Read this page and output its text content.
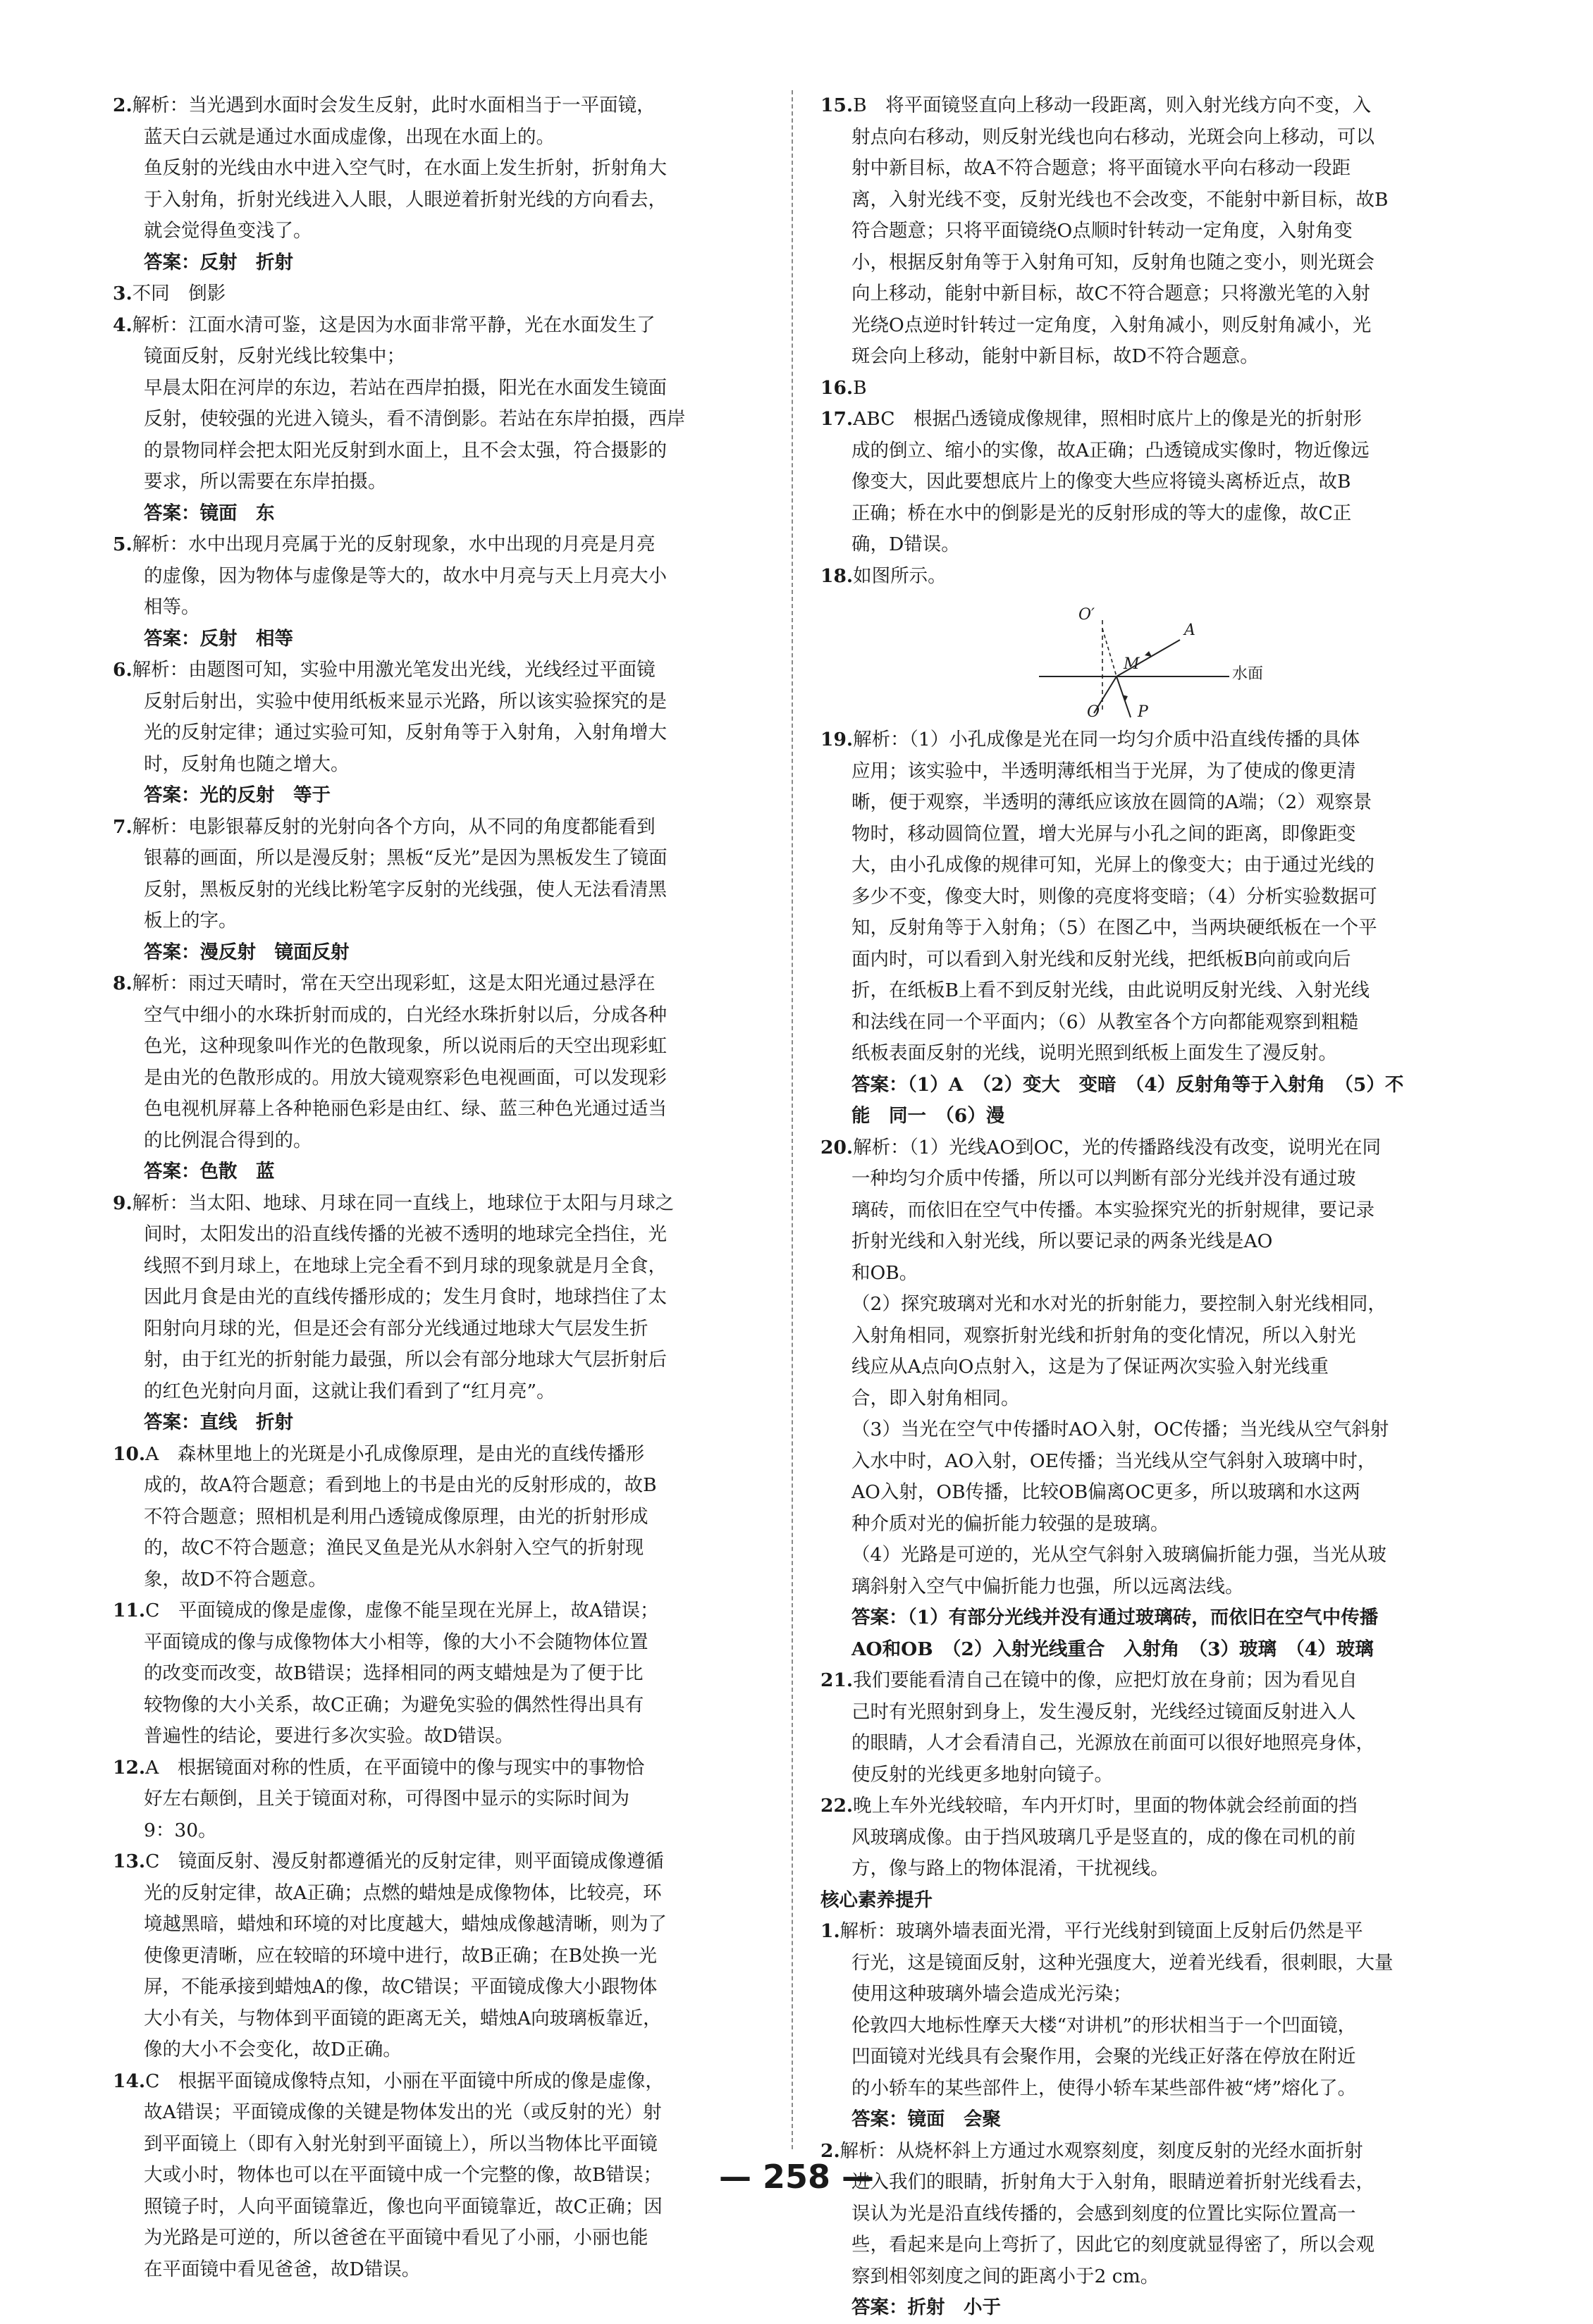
2.解析：当光遇到水面时会发生反射，此时水面相当于一平面镜，

蓝天白云就是通过水面成虚像，出现在水面上的。

鱼反射的光线由水中进入空气时，在水面上发生折射，折射角大

于入射角，折射光线进入人眼，人眼逆着折射光线的方向看去，

就会觉得鱼变浅了。

答案：反射　折射

3.不同　倒影

4.解析：江面水清可鉴，这是因为水面非常平静，光在水面发生了

镜面反射，反射光线比较集中；

早晨太阳在河岸的东边，若站在西岸拍摄，阳光在水面发生镜面

反射，使较强的光进入镜头，看不清倒影。若站在东岸拍摄，西岸

的景物同样会把太阳光反射到水面上，且不会太强，符合摄影的

要求，所以需要在东岸拍摄。

答案：镜面　东

5.解析：水中出现月亮属于光的反射现象，水中出现的月亮是月亮

的虚像，因为物体与虚像是等大的，故水中月亮与天上月亮大小

相等。

答案：反射　相等

6.解析：由题图可知，实验中用激光笔发出光线，光线经过平面镜

反射后射出，实验中使用纸板来显示光路，所以该实验探究的是

光的反射定律；通过实验可知，反射角等于入射角，入射角增大

时，反射角也随之增大。

答案：光的反射　等于

7.解析：电影银幕反射的光射向各个方向，从不同的角度都能看到

银幕的画面，所以是漫反射；黑板“反光”是因为黑板发生了镜面

反射，黑板反射的光线比粉笔字反射的光线强，使人无法看清黑

板上的字。

答案：漫反射　镜面反射

8.解析：雨过天晴时，常在天空出现彩虹，这是太阳光通过悬浮在

空气中细小的水珠折射而成的，白光经水珠折射以后，分成各种

色光，这种现象叫作光的色散现象，所以说雨后的天空出现彩虹

是由光的色散形成的。用放大镜观察彩色电视画面，可以发现彩

色电视机屏幕上各种艳丽色彩是由红、绿、蓝三种色光通过适当

的比例混合得到的。

答案：色散　蓝

9.解析：当太阳、地球、月球在同一直线上，地球位于太阳与月球之

间时，太阳发出的沿直线传播的光被不透明的地球完全挡住，光

线照不到月球上，在地球上完全看不到月球的现象就是月全食，

因此月食是由光的直线传播形成的；发生月食时，地球挡住了太

阳射向月球的光，但是还会有部分光线通过地球大气层发生折

射，由于红光的折射能力最强，所以会有部分地球大气层折射后

的红色光射向月面，这就让我们看到了“红月亮”。

答案：直线　折射

10.A　森林里地上的光斑是小孔成像原理，是由光的直线传播形

成的，故A符合题意；看到地上的书是由光的反射形成的，故B

不符合题意；照相机是利用凸透镜成像原理，由光的折射形成

的，故C不符合题意；渔民叉鱼是光从水斜射入空气的折射现

象，故D不符合题意。

11.C　平面镜成的像是虚像，虚像不能呈现在光屏上，故A错误；

平面镜成的像与成像物体大小相等，像的大小不会随物体位置

的改变而改变，故B错误；选择相同的两支蜡烛是为了便于比

较物像的大小关系，故C正确；为避免实验的偶然性得出具有

普遍性的结论，要进行多次实验。故D错误。

12.A　根据镜面对称的性质，在平面镜中的像与现实中的事物恰

好左右颠倒，且关于镜面对称，可得图中显示的实际时间为

9：30。

13.C　镜面反射、漫反射都遵循光的反射定律，则平面镜成像遵循

光的反射定律，故A正确；点燃的蜡烛是成像物体，比较亮，环

境越黑暗，蜡烛和环境的对比度越大，蜡烛成像越清晰，则为了

使像更清晰，应在较暗的环境中进行，故B正确；在B处换一光

屏，不能承接到蜡烛A的像，故C错误；平面镜成像大小跟物体

大小有关，与物体到平面镜的距离无关，蜡烛A向玻璃板靠近，

像的大小不会变化，故D正确。

14.C　根据平面镜成像特点知，小丽在平面镜中所成的像是虚像，

故A错误；平面镜成像的关键是物体发出的光（或反射的光）射

到平面镜上（即有入射光射到平面镜上），所以当物体比平面镜

大或小时，物体也可以在平面镜中成一个完整的像，故B错误；

照镜子时，人向平面镜靠近，像也向平面镜靠近，故C正确；因

为光路是可逆的，所以爸爸在平面镜中看见了小丽，小丽也能

在平面镜中看见爸爸，故D错误。

15.B　将平面镜竖直向上移动一段距离，则入射光线方向不变，入

射点向右移动，则反射光线也向右移动，光斑会向上移动，可以

射中新目标，故A不符合题意；将平面镜水平向右移动一段距

离，入射光线不变，反射光线也不会改变，不能射中新目标，故B

符合题意；只将平面镜绕O点顺时针转动一定角度，入射角变

小，根据反射角等于入射角可知，反射角也随之变小，则光斑会

向上移动，能射中新目标，故C不符合题意；只将激光笔的入射

光绕O点逆时针转过一定角度，入射角减小，则反射角减小，光

斑会向上移动，能射中新目标，故D不符合题意。

16.B

17.ABC　根据凸透镜成像规律，照相时底片上的像是光的折射形

成的倒立、缩小的实像，故A正确；凸透镜成实像时，物近像远

像变大，因此要想底片上的像变大些应将镜头离桥近点，故B

正确；桥在水中的倒影是光的反射形成的等大的虚像，故C正

确，D错误。

18.如图所示。

O′
A
M
O P
水面

19.解析：（1）小孔成像是光在同一均匀介质中沿直线传播的具体

应用；该实验中，半透明薄纸相当于光屏，为了使成的像更清

晰，便于观察，半透明的薄纸应该放在圆筒的A端；（2）观察景

物时，移动圆筒位置，增大光屏与小孔之间的距离，即像距变

大，由小孔成像的规律可知，光屏上的像变大；由于通过光线的

多少不变，像变大时，则像的亮度将变暗；（4）分析实验数据可

知，反射角等于入射角；（5）在图乙中，当两块硬纸板在一个平

面内时，可以看到入射光线和反射光线，把纸板B向前或向后

折，在纸板B上看不到反射光线，由此说明反射光线、入射光线

和法线在同一个平面内；（6）从教室各个方向都能观察到粗糙

纸板表面反射的光线，说明光照到纸板上面发生了漫反射。

答案：（1）A　（2）变大　变暗　（4）反射角等于入射角　（5）不

能　同一　（6）漫

20.解析：（1）光线AO到OC，光的传播路线没有改变，说明光在同

一种均匀介质中传播，所以可以判断有部分光线并没有通过玻

璃砖，而依旧在空气中传播。本实验探究光的折射规律，要记录

折射光线和入射光线，所以要记录的两条光线是AO

和OB。

（2）探究玻璃对光和水对光的折射能力，要控制入射光线相同，

入射角相同，观察折射光线和折射角的变化情况，所以入射光

线应从A点向O点射入，这是为了保证两次实验入射光线重

合，即入射角相同。

（3）当光在空气中传播时AO入射，OC传播；当光线从空气斜射

入水中时，AO入射，OE传播；当光线从空气斜射入玻璃中时，

AO入射，OB传播，比较OB偏离OC更多，所以玻璃和水这两

种介质对光的偏折能力较强的是玻璃。

（4）光路是可逆的，光从空气斜射入玻璃偏折能力强，当光从玻

璃斜射入空气中偏折能力也强，所以远离法线。

答案：（1）有部分光线并没有通过玻璃砖，而依旧在空气中传播

AO和OB　（2）入射光线重合　入射角　（3）玻璃　（4）玻璃

21.我们要能看清自己在镜中的像，应把灯放在身前；因为看见自

己时有光照射到身上，发生漫反射，光线经过镜面反射进入人

的眼睛，人才会看清自己，光源放在前面可以很好地照亮身体，

使反射的光线更多地射向镜子。

22.晚上车外光线较暗，车内开灯时，里面的物体就会经前面的挡

风玻璃成像。由于挡风玻璃几乎是竖直的，成的像在司机的前

方，像与路上的物体混淆，干扰视线。

核心素养提升

1.解析：玻璃外墙表面光滑，平行光线射到镜面上反射后仍然是平

行光，这是镜面反射，这种光强度大，逆着光线看，很刺眼，大量

使用这种玻璃外墙会造成光污染；

伦敦四大地标性摩天大楼“对讲机”的形状相当于一个凹面镜，

凹面镜对光线具有会聚作用，会聚的光线正好落在停放在附近

的小轿车的某些部件上，使得小轿车某些部件被“烤”熔化了。

答案：镜面　会聚

2.解析：从烧杯斜上方通过水观察刻度，刻度反射的光经水面折射

进入我们的眼睛，折射角大于入射角，眼睛逆着折射光线看去，

误认为光是沿直线传播的，会感到刻度的位置比实际位置高一

些，看起来是向上弯折了，因此它的刻度就显得密了，所以会观

察到相邻刻度之间的距离小于2 cm。

答案：折射　小于

— 258 —
